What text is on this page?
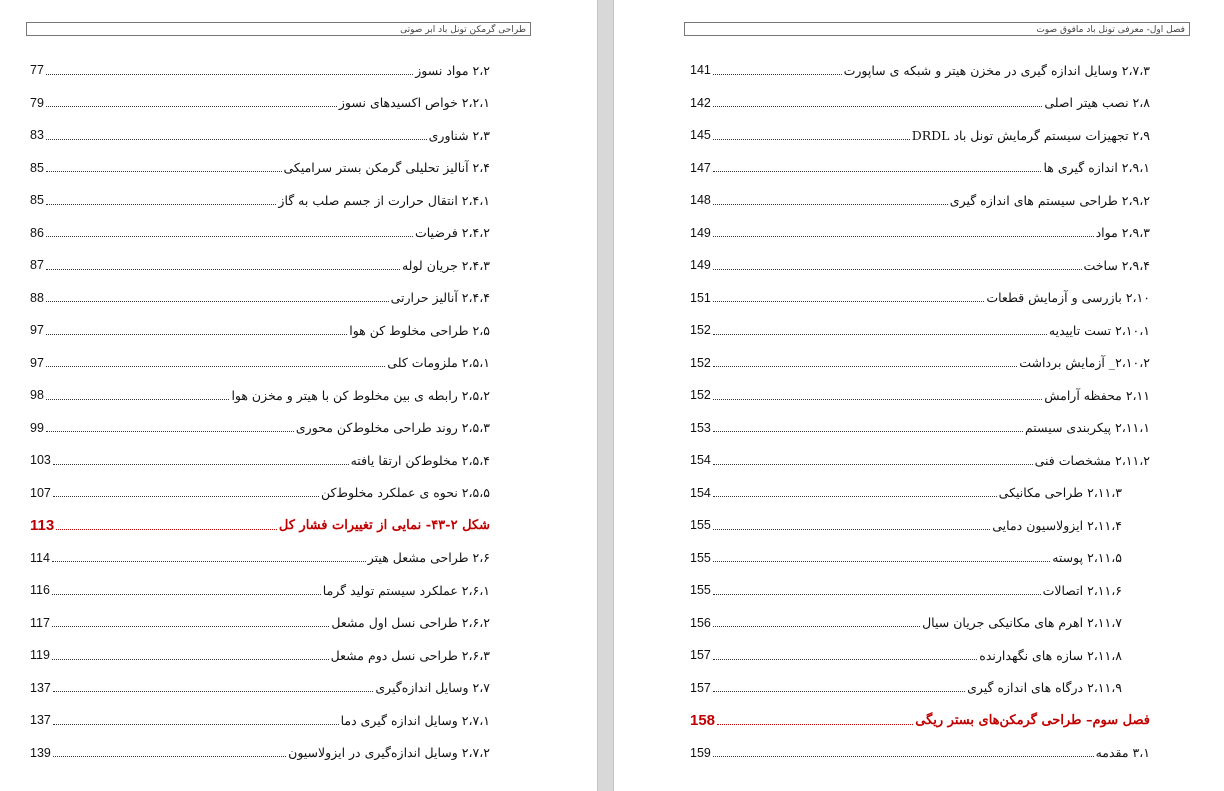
طراحی گرمکن تونل باد ابر صوتی
۲،۲ مواد نسوز
77
۲،۲،۱ خواص اکسیدهای نسوز
79
۲،۳ شناوری
83
۲،۴ آنالیز تحلیلی گرمکن بستر سرامیکی
85
۲،۴،۱ انتقال حرارت از جسم صلب به گاز
85
۲،۴،۲ فرضیات
86
۲،۴،۳ جریان لوله
87
۲،۴،۴ آنالیز حرارتی
88
۲،۵ طراحی مخلوط کن هوا
97
۲،۵،۱ ملزومات کلی
97
۲،۵،۲ رابطه ی بین مخلوط کن با هیتر و مخزن هوا
98
۲،۵،۳ روند طراحی مخلوط‌کن محوری
99
۲،۵،۴ مخلوط‌کن ارتقا یافته
103
۲،۵،۵ نحوه ی عملکرد مخلوط‌کن
107
شکل ۲-۴۳- نمایی از تغییرات فشار کل
113
۲،۶ طراحی مشعل هیتر
114
۲،۶،۱ عملکرد سیستم تولید گرما
116
۲،۶،۲ طراحی نسل اول مشعل
117
۲،۶،۳ طراحی نسل دوم مشعل
119
۲،۷ وسایل اندازه‌گیری
137
۲،۷،۱ وسایل اندازه گیری دما
137
۲،۷،۲ وسایل اندازه‌گیری در ایزولاسیون
139
فصل اول- معرفی تونل باد مافوق صوت
۲،۷،۳ وسایل اندازه گیری در مخزن هیتر و شبکه ی ساپورت
141
۲،۸ نصب هیتر اصلی
142
۲،۹ تجهیزات سیستم گرمایش تونل باد DRDL
145
۲،۹،۱ اندازه گیری ها
147
۲،۹،۲ طراحی سیستم های اندازه گیری
148
۲،۹،۳ مواد
149
۲،۹،۴ ساخت
149
۲،۱۰ بازرسی و آزمایش قطعات
151
۲،۱۰،۱ تست تاییدیه
152
۲،۱۰،۲_ آزمایش برداشت
152
۲،۱۱ محفظه آرامش
152
۲،۱۱،۱ پیکربندی سیستم
153
۲،۱۱،۲ مشخصات فنی
154
۲،۱۱،۳ طراحی مکانیکی
154
۲،۱۱،۴ ایزولاسیون دمایی
155
۲،۱۱،۵ پوسته
155
۲،۱۱،۶ اتصالات
155
۲،۱۱،۷ اهرم های مکانیکی جریان سیال
156
۲،۱۱،۸ سازه های نگهدارنده
157
۲،۱۱،۹ درگاه های اندازه گیری
157
فصل سوم– طراحی گرمکن‌های بستر ریگی
158
۳،۱ مقدمه
159
